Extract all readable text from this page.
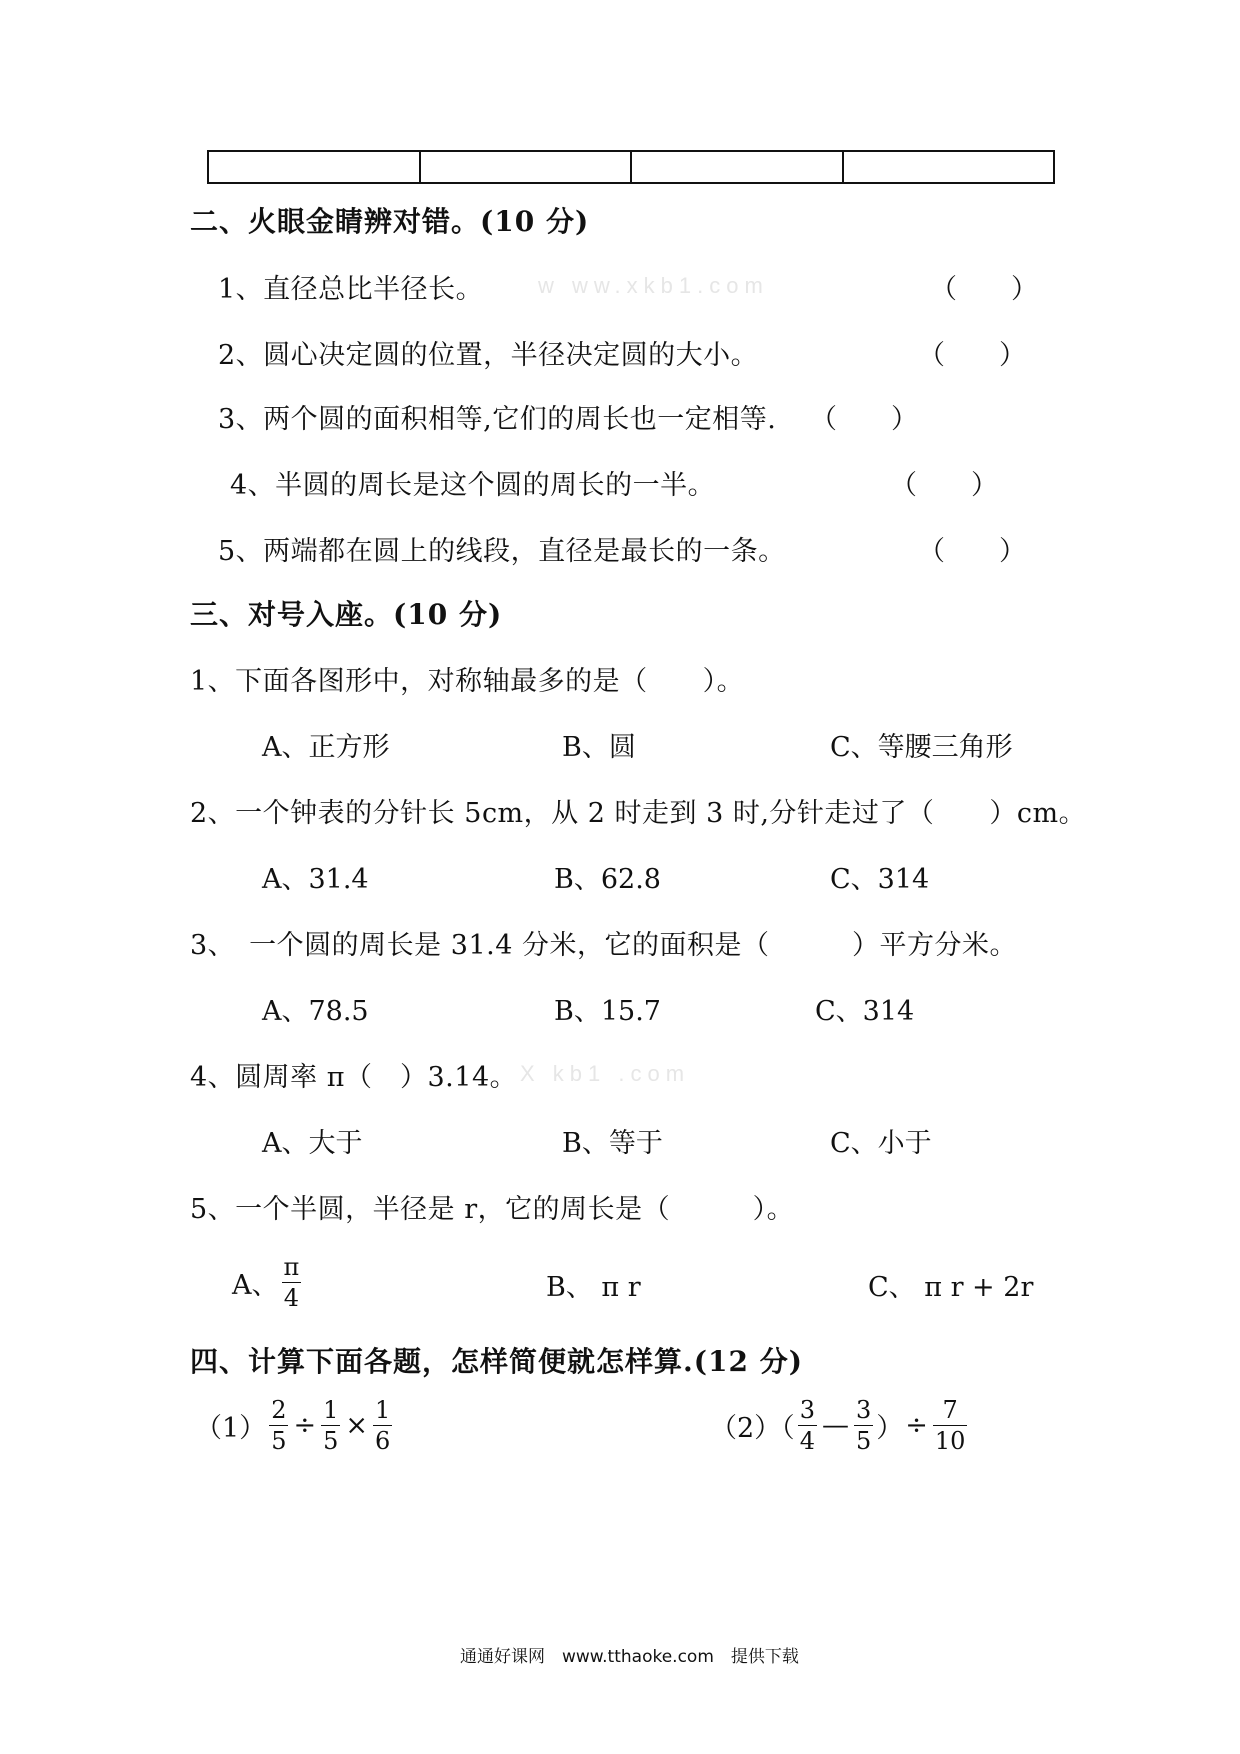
二、火眼金睛辨对错。(10 分)
1、直径总比半径长。 w ww.xkb1.com	（　　）
2、圆心决定圆的位置，半径决定圆的大小。	（　　）
3、两个圆的面积相等,它们的周长也一定相等. （　　）
4、半圆的周长是这个圆的周长的一半。	（　　）
5、两端都在圆上的线段，直径是最长的一条。	（　　）
三、对号入座。(10 分)
1、下面各图形中，对称轴最多的是（　　）。
A、正方形	B、圆	C、等腰三角形
2、一个钟表的分针长 5cm，从 2 时走到 3 时,分针走过了（　　）cm。
A、31.4	B、62.8	C、314
3、　一个圆的周长是 31.4 分米，它的面积是（　　　）平方分米。
A、78.5	B、15.7	C、314
4、圆周率 π（　）3.14。 X kb1 .com
A、大于	B、等于	C、小于
5、一个半圆，半径是 r，它的周长是（　　　）。
A、 $\frac{\pi}{4}$	B、 π r	C、 π r + 2r
四、计算下面各题，怎样简便就怎样算.(12 分)
$(1) \frac{2}{5} \div \frac{1}{5} \times \frac{1}{6}$	$(2)( \frac{3}{4}$ — $\frac{3}{5}$ ） ÷ $\frac{7}{10}$
通通好课网　www.tthaoke.com　提供下载
